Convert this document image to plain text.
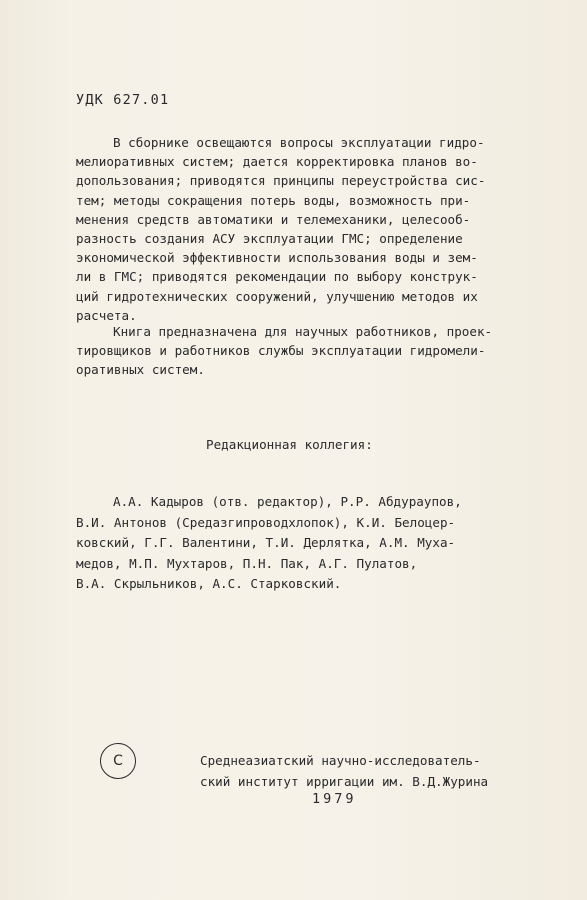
УДК 627.01
В сборнике освещаются вопросы эксплуатации гидро-
мелиоративных систем; дается корректировка планов во-
допользования; приводятся принципы переустройства сис-
тем; методы сокращения потерь воды, возможность при-
менения средств автоматики и телемеханики, целесооб-
разность создания АСУ эксплуатации ГМС; определение
экономической эффективности использования воды и зем-
ли в ГМС; приводятся рекомендации по выбору конструк-
ций гидротехнических сооружений, улучшению методов их
расчета.
Книга предназначена для научных работников, проек-
тировщиков и работников службы эксплуатации гидромели-
оративных систем.
Редакционная коллегия:
А.А. Кадыров (отв. редактор), Р.Р. Абдураупов,
В.И. Антонов (Средазгипроводхлопок), К.И. Белоцер-
ковский, Г.Г. Валентини, Т.И. Дерлятка, А.М. Муха-
медов, М.П. Мухтаров, П.Н. Пак, А.Г. Пулатов,
В.А. Скрыльников, А.С. Старковский.
C	Среднеазиатский научно-исследователь-
ский институт ирригации им. В.Д.Журина
1979
